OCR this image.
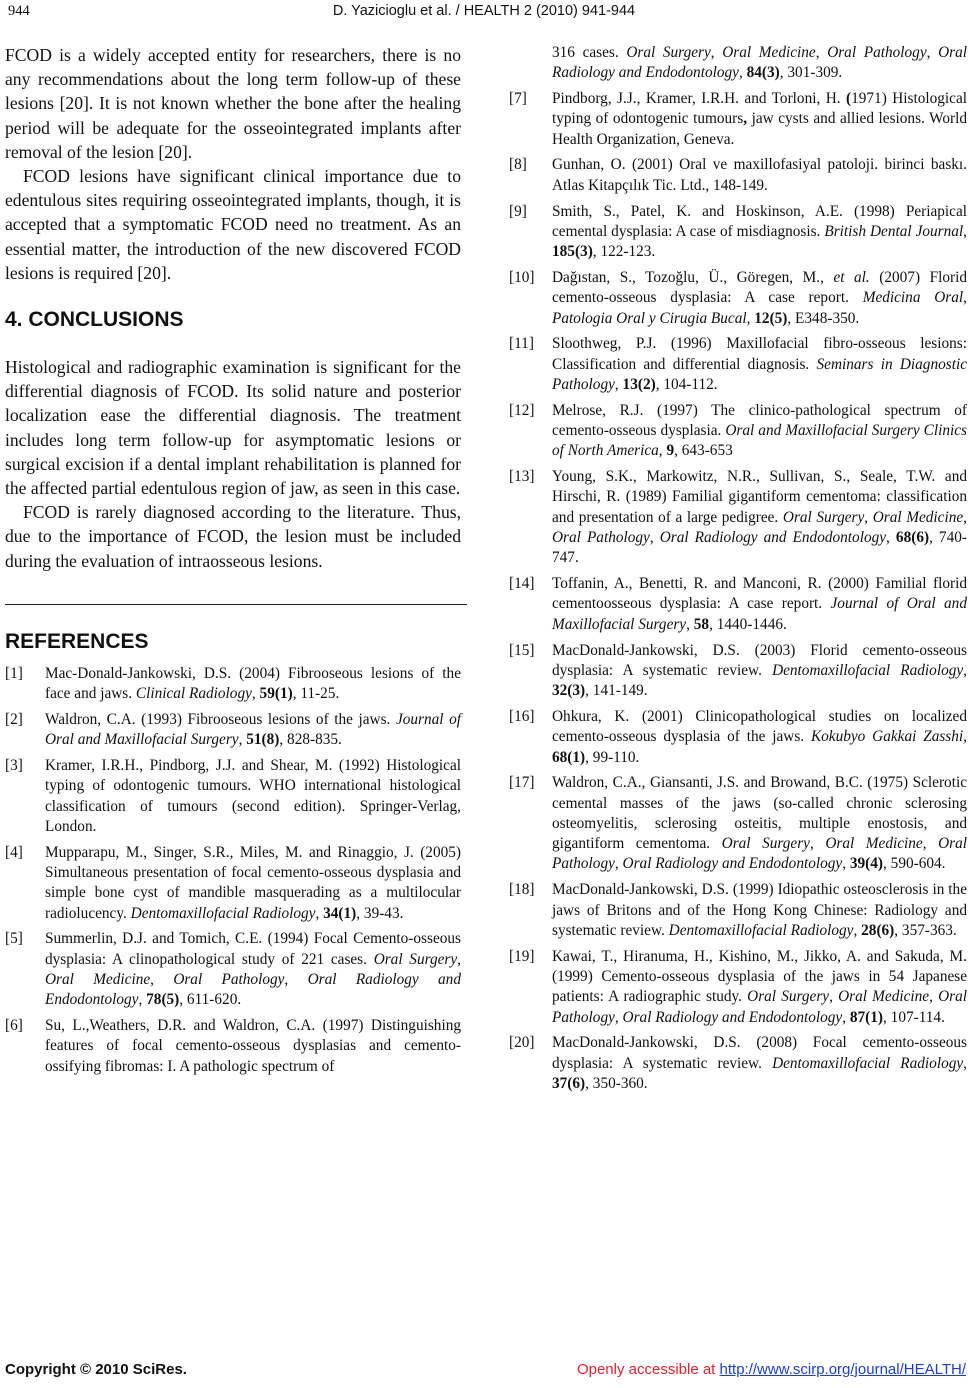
944	D. Yazicioglu et al. / HEALTH 2 (2010) 941-944

FCOD is a widely accepted entity for researchers, there is no any recommendations about the long term follow-up of these lesions [20]. It is not known whether the bone after the healing period will be adequate for the osseointegrated implants after removal of the lesion [20].

FCOD lesions have significant clinical importance due to edentulous sites requiring osseointegrated implants, though, it is accepted that a symptomatic FCOD need no treatment. As an essential matter, the introduction of the new discovered FCOD lesions is required [20].

4. CONCLUSIONS

Histological and radiographic examination is significant for the differential diagnosis of FCOD. Its solid nature and posterior localization ease the differential diagnosis. The treatment includes long term follow-up for asymptomatic lesions or surgical excision if a dental implant rehabilitation is planned for the affected partial edentulous region of jaw, as seen in this case.

FCOD is rarely diagnosed according to the literature. Thus, due to the importance of FCOD, the lesion must be included during the evaluation of intraosseous lesions.

REFERENCES
[1] Mac-Donald-Jankowski, D.S. (2004) Fibrooseous lesions of the face and jaws. Clinical Radiology, 59(1), 11-25.
[2] Waldron, C.A. (1993) Fibrooseous lesions of the jaws. Journal of Oral and Maxillofacial Surgery, 51(8), 828-835.
[3] Kramer, I.R.H., Pindborg, J.J. and Shear, M. (1992) Histological typing of odontogenic tumours. WHO international histological classification of tumours (second edition). Springer-Verlag, London.
[4] Mupparapu, M., Singer, S.R., Miles, M. and Rinaggio, J. (2005) Simultaneous presentation of focal cemento-osseous dysplasia and simple bone cyst of mandible masquerading as a multilocular radiolucency. Dentomaxillofacial Radiology, 34(1), 39-43.
[5] Summerlin, D.J. and Tomich, C.E. (1994) Focal Cemento-osseous dysplasia: A clinopathological study of 221 cases. Oral Surgery, Oral Medicine, Oral Pathology, Oral Radiology and Endodontology, 78(5), 611-620.
[6] Su, L.,Weathers, D.R. and Waldron, C.A. (1997) Distinguishing features of focal cemento-osseous dysplasias and cemento-ossifying fibromas: I. A pathologic spectrum of
316 cases. Oral Surgery, Oral Medicine, Oral Pathology, Oral Radiology and Endodontology, 84(3), 301-309.
[7] Pindborg, J.J., Kramer, I.R.H. and Torloni, H. (1971) Histological typing of odontogenic tumours, jaw cysts and allied lesions. World Health Organization, Geneva.
[8] Gunhan, O. (2001) Oral ve maxillofasiyal patoloji. birinci baskı. Atlas Kitapçılık Tic. Ltd., 148-149.
[9] Smith, S., Patel, K. and Hoskinson, A.E. (1998) Periapical cemental dysplasia: A case of misdiagnosis. British Dental Journal, 185(3), 122-123.
[10] Dağıstan, S., Tozoğlu, Ü., Göregen, M., et al. (2007) Florid cemento-osseous dysplasia: A case report. Medicina Oral, Patologia Oral y Cirugia Bucal, 12(5), E348-350.
[11] Sloothweg, P.J. (1996) Maxillofacial fibro-osseous lesions: Classification and differential diagnosis. Seminars in Diagnostic Pathology, 13(2), 104-112.
[12] Melrose, R.J. (1997) The clinico-pathological spectrum of cemento-osseous dysplasia. Oral and Maxillofacial Surgery Clinics of North America, 9, 643-653
[13] Young, S.K., Markowitz, N.R., Sullivan, S., Seale, T.W. and Hirschi, R. (1989) Familial gigantiform cementoma: classification and presentation of a large pedigree. Oral Surgery, Oral Medicine, Oral Pathology, Oral Radiology and Endodontology, 68(6), 740-747.
[14] Toffanin, A., Benetti, R. and Manconi, R. (2000) Familial florid cementoosseous dysplasia: A case report. Journal of Oral and Maxillofacial Surgery, 58, 1440-1446.
[15] MacDonald-Jankowski, D.S. (2003) Florid cemento-osseous dysplasia: A systematic review. Dentomaxillofacial Radiology, 32(3), 141-149.
[16] Ohkura, K. (2001) Clinicopathological studies on localized cemento-osseous dysplasia of the jaws. Kokubyo Gakkai Zasshi, 68(1), 99-110.
[17] Waldron, C.A., Giansanti, J.S. and Browand, B.C. (1975) Sclerotic cemental masses of the jaws (so-called chronic sclerosing osteomyelitis, sclerosing osteitis, multiple enostosis, and gigantiform cementoma. Oral Surgery, Oral Medicine, Oral Pathology, Oral Radiology and Endodontology, 39(4), 590-604.
[18] MacDonald-Jankowski, D.S. (1999) Idiopathic osteosclerosis in the jaws of Britons and of the Hong Kong Chinese: Radiology and systematic review. Dentomaxillofacial Radiology, 28(6), 357-363.
[19] Kawai, T., Hiranuma, H., Kishino, M., Jikko, A. and Sakuda, M. (1999) Cemento-osseous dysplasia of the jaws in 54 Japanese patients: A radiographic study. Oral Surgery, Oral Medicine, Oral Pathology, Oral Radiology and Endodontology, 87(1), 107-114.
[20] MacDonald-Jankowski, D.S. (2008) Focal cemento-osseous dysplasia: A systematic review. Dentomaxillofacial Radiology, 37(6), 350-360.
Copyright © 2010 SciRes.	Openly accessible at http://www.scirp.org/journal/HEALTH/
